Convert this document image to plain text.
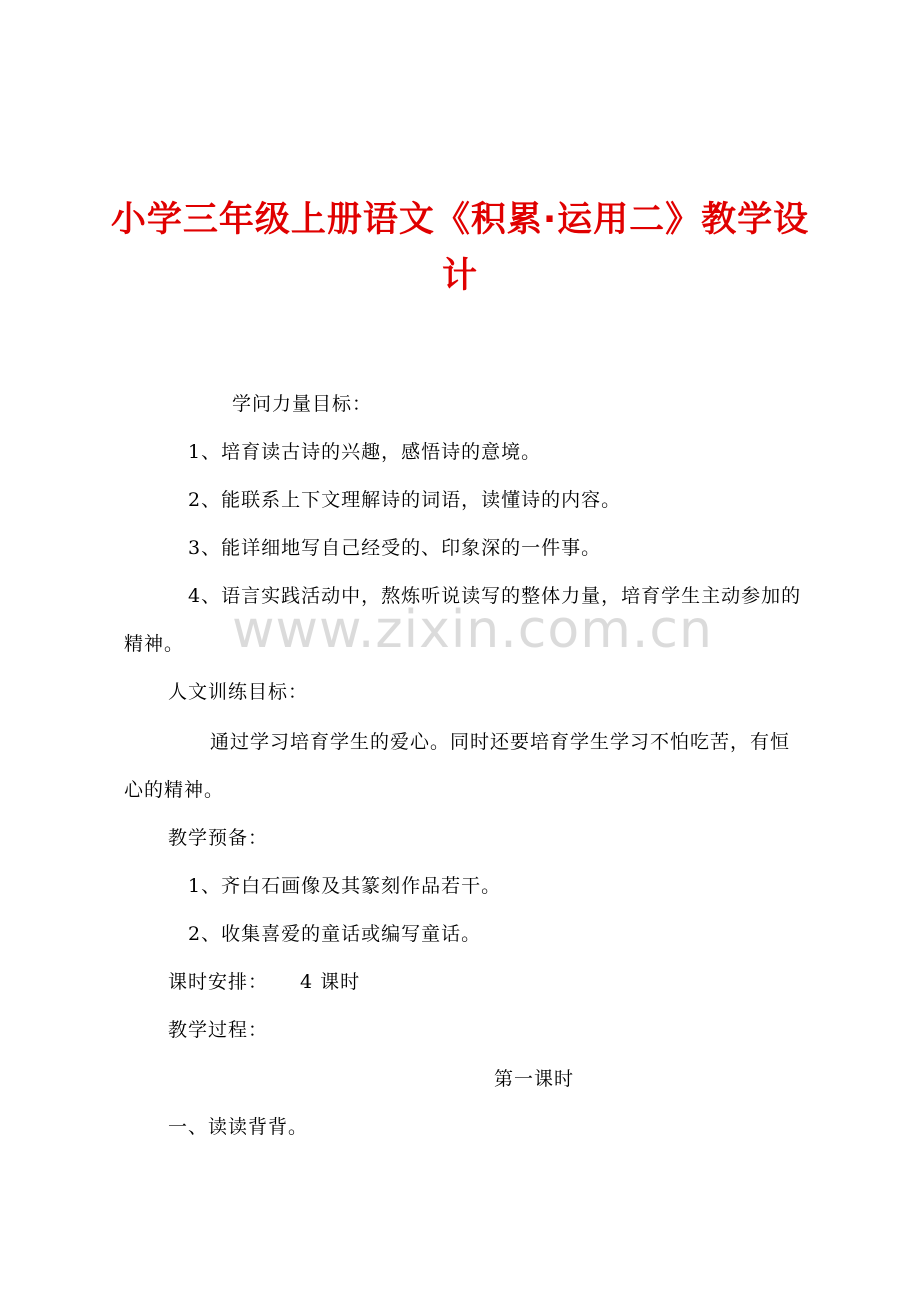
小学三年级上册语文《积累·运用二》教学设
计
学问力量目标：
1、培育读古诗的兴趣，感悟诗的意境。
2、能联系上下文理解诗的词语，读懂诗的内容。
3、能详细地写自己经受的、印象深的一件事。
4、语言实践活动中，熬炼听说读写的整体力量，培育学生主动参加的精神。
人文训练目标：
通过学习培育学生的爱心。同时还要培育学生学习不怕吃苦，有恒心的精神。
教学预备：
1、齐白石画像及其篆刻作品若干。
2、收集喜爱的童话或编写童话。
课时安排： 4 课时
教学过程：
第一课时
一、读读背背。
www.zixin.com.cn
